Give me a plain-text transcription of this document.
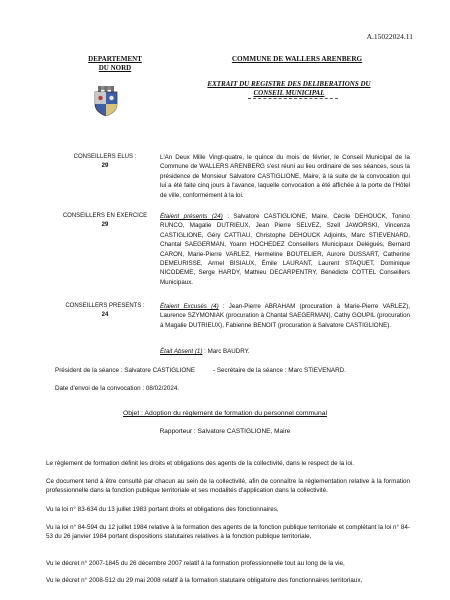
A.15022024.11
DEPARTEMENT
DU NORD
COMMUNE DE WALLERS ARENBERG
EXTRAIT DU REGISTRE DES DELIBERATIONS DU
CONSEIL MUNICIPAL
CONSEILLERS ELUS :
29
L'An Deux Mille Vingt-quatre, le quince du mois de février, le Conseil Municipal de la Commune de WALLERS ARENBERG s'est réuni au lieu ordinaire de ses séances, sous la présidence de Monsieur Salvatore CASTIGLIONE, Maire, à la suite de la convocation qui lui a été faite cinq jours à l'avance, laquelle convocation a été affichée à la porte de l'Hôtel de ville, conformément à la loi.
CONSEILLERS EN EXERCICE
29
Étaient présents (24) : Salvatore CASTIGLIONE, Maire, Cécile DEHOUCK, Tonino RUNCO, Magalie DUTRIEUX, Jean Pierre SELVEZ, Szell JAWORSKI, Vincenza CASTIGLIONE, Géry CATTIAU, Christophe DEHOUCK Adjoints, Marc STIEVENARD, Chantal SAEGERMAN, Yoann HOCHEDEZ Conseillers Municipaux Delégués, Bernard CARON, Marie-Pierre VARLEZ, Hermeline BOUTELIER, Aurore DUSSART, Catherine DEMEURISSE, Armel BISIAUX, Émile LAURANT, Laurent STAQUET, Dominique NICODEME, Serge HARDY, Mathieu DECARPENTRY, Bénédicte COTTEL Conseillers Municipaux.
CONSEILLERS PRESENTS :
24
Étaient Excusés (4) : Jean-Pierre ABRAHAM (procuration à Marie-Pierre VARLEZ), Laurence SZYMONIAK (procuration à Chantal SAEGERMAN), Cathy GOUPIL (procuration à Magalie DUTRIEUX), Fabienne BENOIT (procuration à Salvatore CASTIGLIONE).
Était Absent (1) : Marc BAUDRY.
Président de la séance : Salvatore CASTIGLIONE	- Secrétaire de la séance : Marc STIEVENARD.
Date d'envoi de la convocation : 08/02/2024.
Objet : Adoption du règlement de formation du personnel communal
Rapporteur : Salvatore CASTIGLIONE, Maire
Le règlement de formation définit les droits et obligations des agents de la collectivité, dans le respect de la loi.
Ce document tend à être consulté par chacun au sein de la collectivité, afin de connaître la réglementation relative à la formation professionnelle dans la fonction publique territoriale et ses modalités d'application dans la collectivité.
Vu la loi n° 83-634 du 13 juillet 1983 portant droits et obligations des fonctionnaires,
Vu la loi n° 84-594 du 12 juillet 1984 relative à la formation des agents de la fonction publique territoriale et complétant la loi n° 84-53 du 26 janvier 1984 portant dispositions statutaires relatives à la fonction publique territoriale,
Vu le décret n° 2007-1845 du 26 décembre 2007 relatif à la formation professionnelle tout au long de la vie,
Vu le décret n° 2008-512 du 29 mai 2008 relatif à la formation statutaire obligatoire des fonctionnaires territoriaux,
